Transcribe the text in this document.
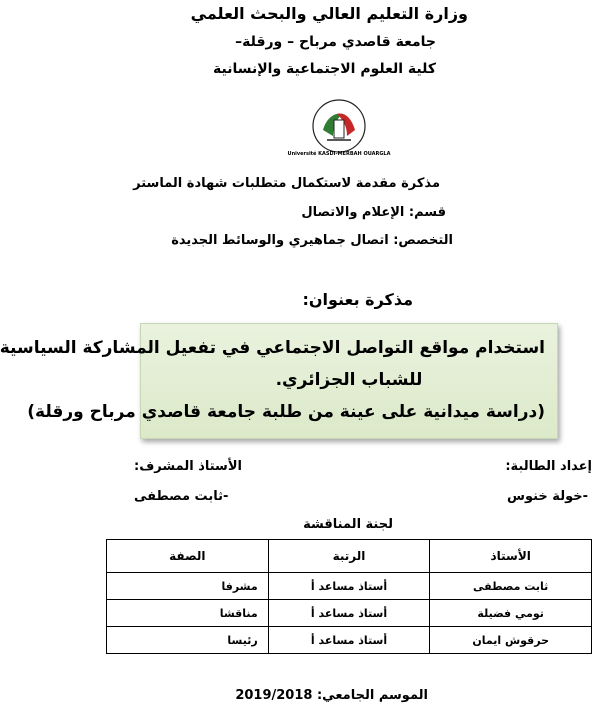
وزارة التعليم العالي والبحث العلمي
جامعة قاصدي مرباح – ورقلة–
كلية العلوم الاجتماعية والإنسانية
Université KASDI-MERBAH OUARGLA
مذكرة مقدمة لاستكمال متطلبات شهادة الماستر
قسم: الإعلام والاتصال
التخصص: اتصال جماهيري والوسائط الجديدة
مذكرة بعنوان:
استخدام مواقع التواصل الاجتماعي في تفعيل المشاركة السياسية
للشباب الجزائري.
(دراسة ميدانية على عينة من طلبة جامعة قاصدي مرباح ورقلة)
إعداد الطالبة:
-خولة خنوس
الأستاذ المشرف:
-ثابت مصطفى
لجنة المناقشة
الأستاذ	الرتبة	الصفة
ثابت مصطفى	أستاذ مساعد أ	مشرفا
تومي فضيلة	أستاذ مساعد أ	مناقشا
حرقوش ايمان	أستاذ مساعد أ	رئيسا
الموسم الجامعي: 2019/2018
